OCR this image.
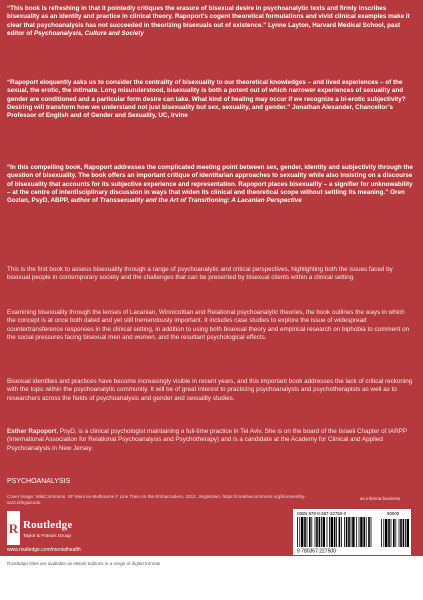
“This book is refreshing in that it pointedly critiques the erasure of bisexual desire in psychoanalytic texts and firmly inscribes bisexuality as an identity and practice in clinical theory. Rapoport’s cogent theoretical formulations and vivid clinical examples make it clear that psychoanalysis has not succeeded in theorizing bisexuals out of existence.” Lynne Layton, Harvard Medical School, past editor of Psychoanalysis, Culture and Society

“Rapoport eloquently asks us to consider the centrality of bisexuality to our theoretical knowledges – and lived experiences – of the sexual, the erotic, the intimate. Long misunderstood, bisexuality is both a potent out of which narrower experiences of sexuality and gender are conditioned and a particular form desire can take. What kind of healing may occur if we recognize a bi-erotic subjectivity? Desiring will transform how we understand not just bisexuality but sex, sexuality, and gender.” Jonathan Alexander, Chancellor’s Professor of English and of Gender and Sexuality, UC, Irvine

“In this compelling book, Rapoport addresses the complicated meeting point between sex, gender, identity and subjectivity through the question of bisexuality. The book offers an important critique of identitarian approaches to sexuality while also insisting on a discourse of bisexuality that accounts for its subjective experience and representation. Rapoport places bisexuality – a signifier for unknowability – at the centre of interdisciplinary discussion in ways that widen its clinical and theoretical scope without settling its meaning.” Oren Gozlan, PsyD, ABPP, author of Transsexuality and the Art of Transitioning: A Lacanian Perspective

This is the first book to assess bisexuality through a range of psychoanalytic and critical perspectives, highlighting both the issues faced by bisexual people in contemporary society and the challenges that can be presented by bisexual clients within a clinical setting.

Examining bisexuality through the lenses of Lacanian, Winnicottian and Relational psychoanalytic theories, the book outlines the ways in which the concept is at once both dated and yet still tremendously important. It includes case studies to explore the issue of widespread countertransference responses in the clinical setting, in addition to using both bisexual theory and empirical research on biphobia to comment on the social pressures facing bisexual men and women, and the resultant psychological effects.

Bisexual identities and practices have become increasingly visible in recent years, and this important book addresses the lack of critical reckoning with the topic within the psychoanalytic community. It will be of great interest to practicing psychoanalysts and psychotherapists as well as to researchers across the fields of psychoanalysis and gender and sexuality studies.

Esther Rapoport, PsyD, is a clinical psychologist maintaining a full-time practice in Tel Aviv. She is on the board of the Israeli Chapter of IARPP (International Association for Relational Psychoanalysis and Psychotherapy) and is a candidate at the Academy for Clinical and Applied Psychoanalysis in New Jersey.

PSYCHOANALYSIS
Cover image: WikiCommons. SF Muni ex-Melbourne F Line Tram on the Embarcadero, 2012. Jingletown. https://creativecommons.org/licenses/by-sa/3.0/legalcode
R Routledge
Taylor & Francis Group
www.routledge.com/mentalhealth
an informa business
ISBN 978-0-367-22750-0	90000
9 780367 227500
Routledge titles are available as eBook editions in a range of digital formats
